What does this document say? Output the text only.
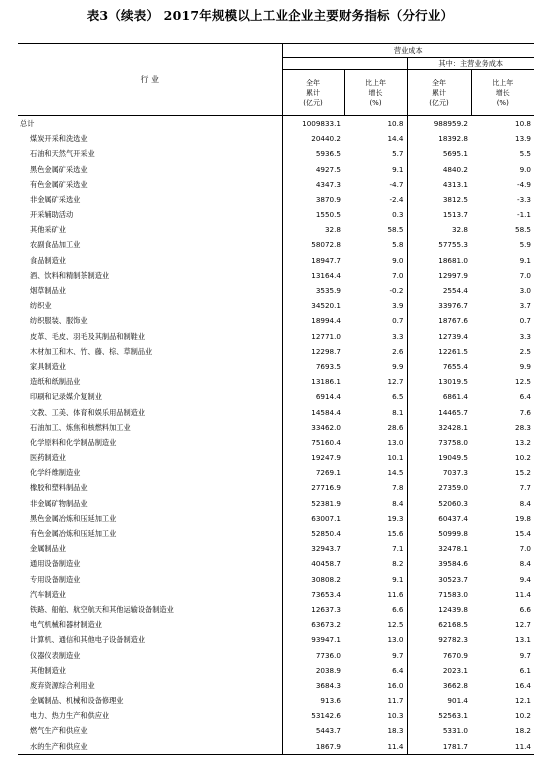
表3（续表） 2017年规模以上工业企业主要财务指标（分行业）
行 业	营业成本			
			其中：主营业务成本	

	全年
累计
(亿元)	比上年
增长
(%)	全年
累计
(亿元)	比上年
增长
(%)

总计	1009833.1	10.8	988959.2	10.8
煤炭开采和洗选业	20440.2	14.4	18392.8	13.9
石油和天然气开采业	5936.5	5.7	5695.1	5.5
黑色金属矿采选业	4927.5	9.1	4840.2	9.0
有色金属矿采选业	4347.3	-4.7	4313.1	-4.9
非金属矿采选业	3870.9	-2.4	3812.5	-3.3
开采辅助活动	1550.5	0.3	1513.7	-1.1
其他采矿业	32.8	58.5	32.8	58.5
农副食品加工业	58072.8	5.8	57755.3	5.9
食品制造业	18947.7	9.0	18681.0	9.1
酒、饮料和精制茶制造业	13164.4	7.0	12997.9	7.0
烟草制品业	3535.9	-0.2	2554.4	3.0
纺织业	34520.1	3.9	33976.7	3.7
纺织服装、服饰业	18994.4	0.7	18767.6	0.7
皮革、毛皮、羽毛及其制品和制鞋业	12771.0	3.3	12739.4	3.3
木材加工和木、竹、藤、棕、草制品业	12298.7	2.6	12261.5	2.5
家具制造业	7693.5	9.9	7655.4	9.9
造纸和纸制品业	13186.1	12.7	13019.5	12.5
印刷和记录媒介复制业	6914.4	6.5	6861.4	6.4
文教、工美、体育和娱乐用品制造业	14584.4	8.1	14465.7	7.6
石油加工、炼焦和核燃料加工业	33462.0	28.6	32428.1	28.3
化学原料和化学制品制造业	75160.4	13.0	73758.0	13.2
医药制造业	19247.9	10.1	19049.5	10.2
化学纤维制造业	7269.1	14.5	7037.3	15.2
橡胶和塑料制品业	27716.9	7.8	27359.0	7.7
非金属矿物制品业	52381.9	8.4	52060.3	8.4
黑色金属冶炼和压延加工业	63007.1	19.3	60437.4	19.8
有色金属冶炼和压延加工业	52850.4	15.6	50999.8	15.4
金属制品业	32943.7	7.1	32478.1	7.0
通用设备制造业	40458.7	8.2	39584.6	8.4
专用设备制造业	30808.2	9.1	30523.7	9.4
汽车制造业	73653.4	11.6	71583.0	11.4
铁路、船舶、航空航天和其他运输设备制造业	12637.3	6.6	12439.8	6.6
电气机械和器材制造业	63673.2	12.5	62168.5	12.7
计算机、通信和其他电子设备制造业	93947.1	13.0	92782.3	13.1
仪器仪表制造业	7736.0	9.7	7670.9	9.7
其他制造业	2038.9	6.4	2023.1	6.1
废弃资源综合利用业	3684.3	16.0	3662.8	16.4
金属制品、机械和设备修理业	913.6	11.7	901.4	12.1
电力、热力生产和供应业	53142.6	10.3	52563.1	10.2
燃气生产和供应业	5443.7	18.3	5331.0	18.2
水的生产和供应业	1867.9	11.4	1781.7	11.4
